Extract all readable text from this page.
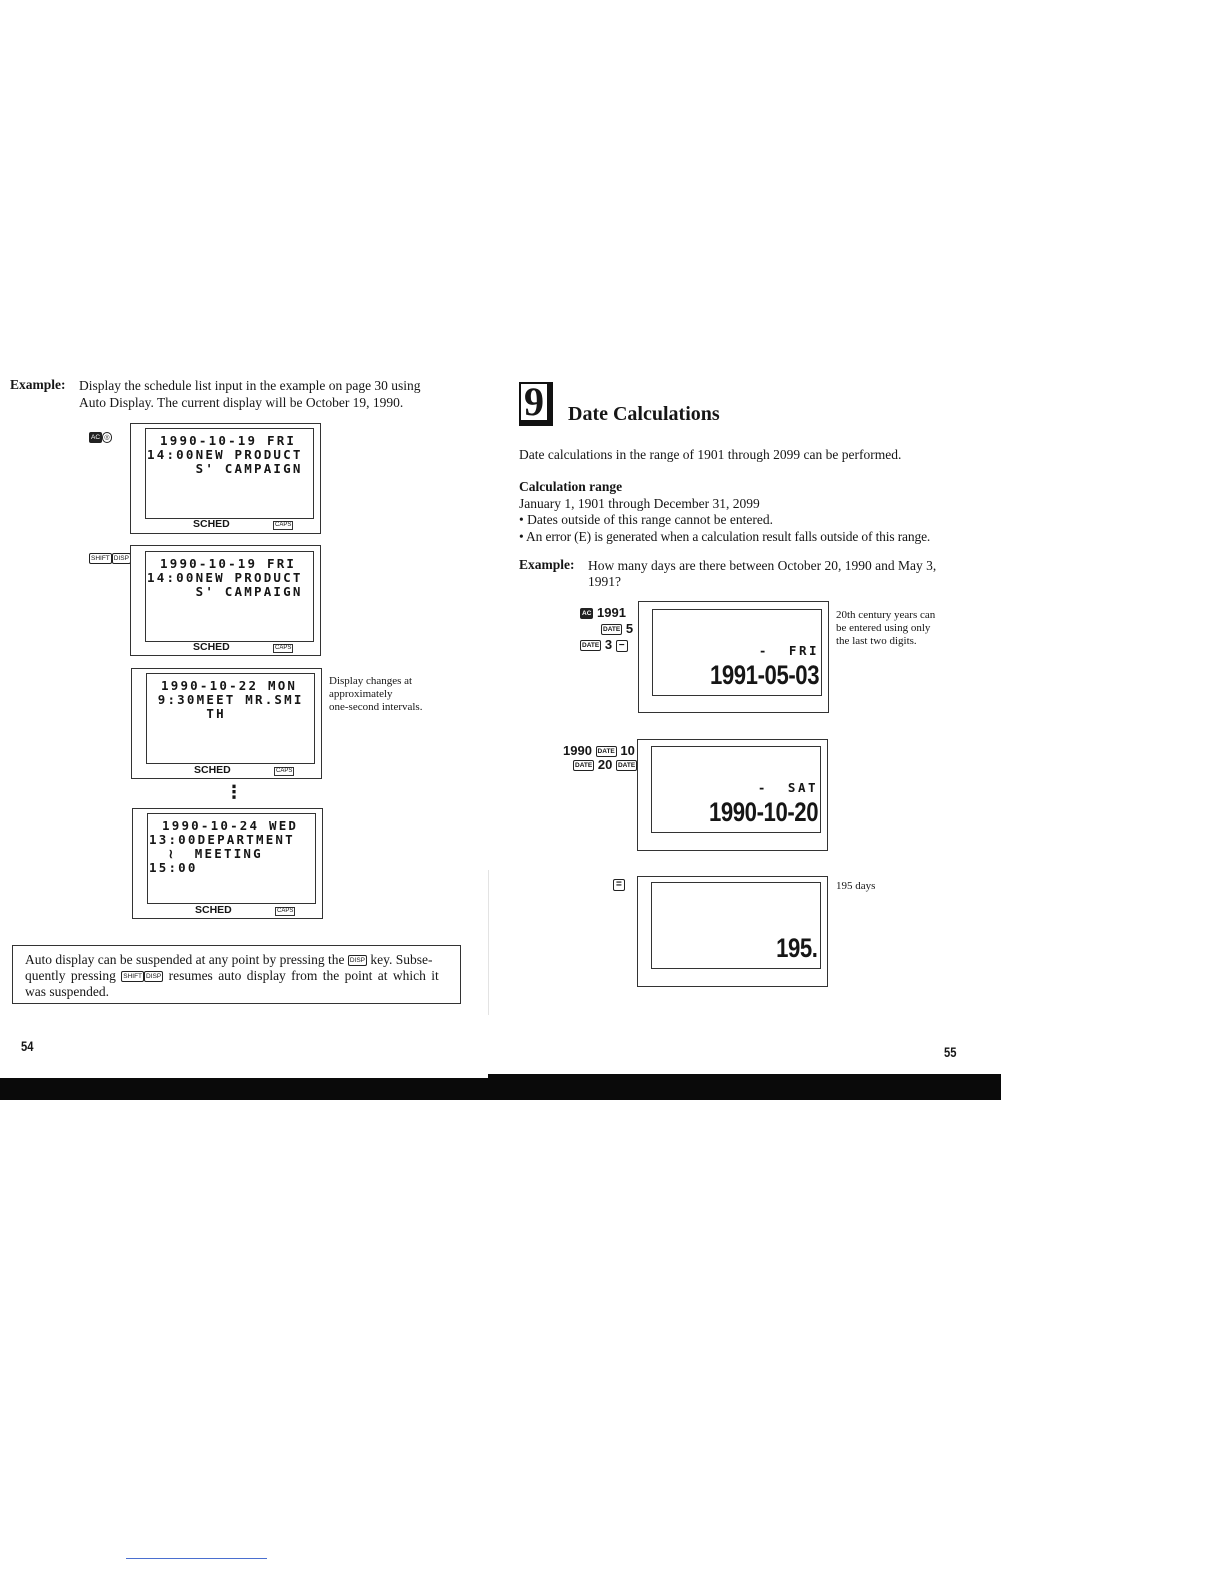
Example: Display the schedule list input in the example on page 30 using
Auto Display. The current display will be October 19, 1990.
AC ◎
SHIFT DISP
1990-10-19 FRI
14:00NEW PRODUCT
S' CAMPAIGN
SCHED	CAPS
1990-10-19 FRI
14:00NEW PRODUCT
S' CAMPAIGN
SCHED	CAPS
1990-10-22 MON
9:30MEET MR.SMI
TH
SCHED	CAPS
Display changes at
approximately
one-second intervals.
⋮
1990-10-24 WED
13:00DEPARTMENT
≀  MEETING
15:00
SCHED	CAPS
Auto display can be suspended at any point by pressing the DISP key. Subse-
quently pressing SHIFT DISP resumes auto display from the point at which it
was suspended.
54
9 Date Calculations
Date calculations in the range of 1901 through 2099 can be performed.
Calculation range
January 1, 1901 through December 31, 2099
• Dates outside of this range cannot be entered.
• An error (E) is generated when a calculation result falls outside of this range.
Example: How many days are there between October 20, 1990 and May 3,
1991?
AC 1991
DATE 5
DATE 3 −	-  FRI
1991-05-03
20th century years can
be entered using only
the last two digits.
1990 DATE 10
DATE 20 DATE
-  SAT
1990-10-20
=
195.
195 days
55
